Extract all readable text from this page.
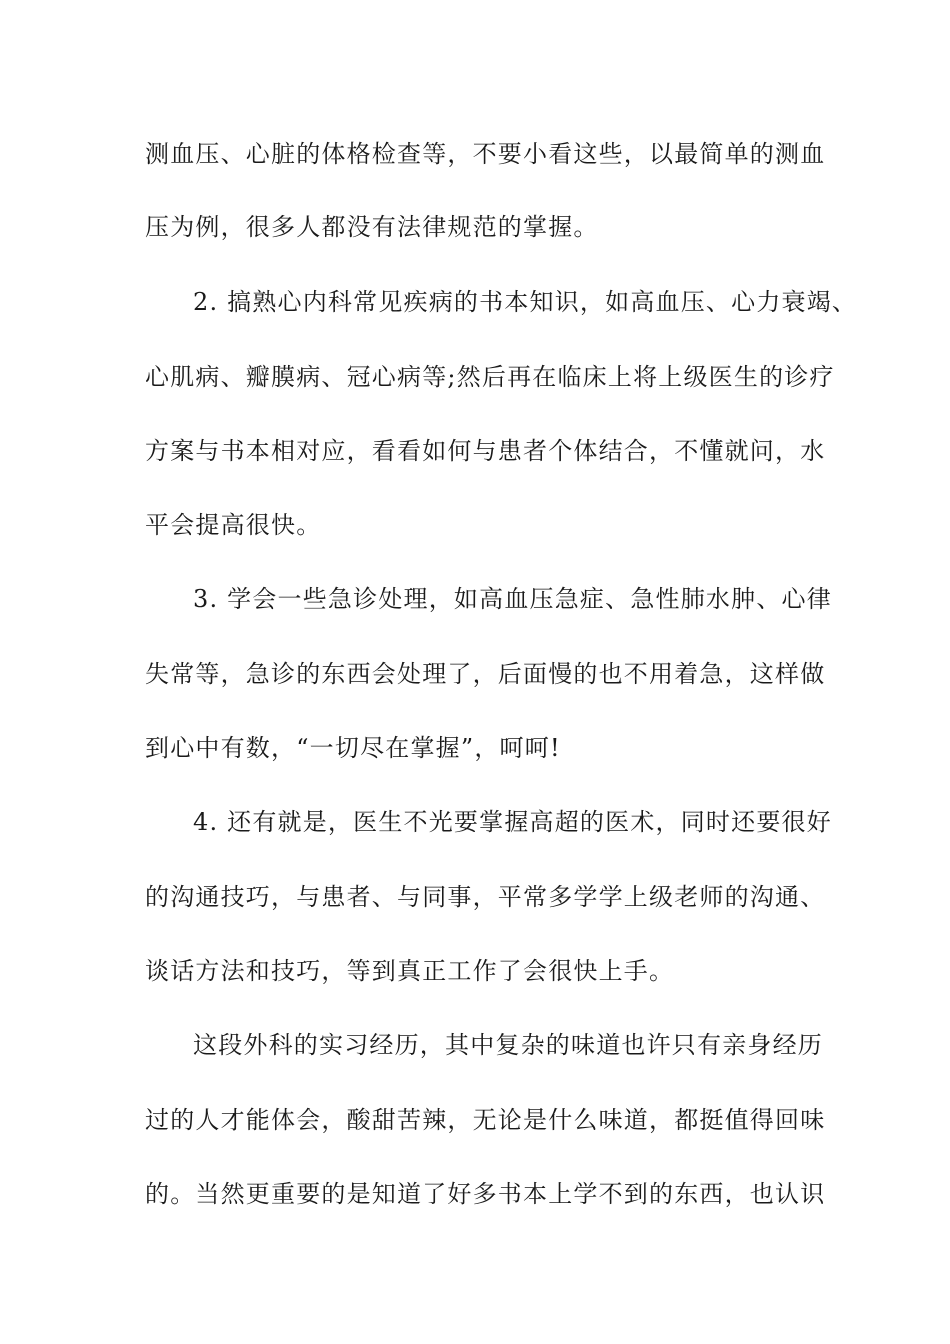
测血压、心脏的体格检查等，不要小看这些，以最简单的测血
压为例，很多人都没有法律规范的掌握。
2. 搞熟心内科常见疾病的书本知识，如高血压、心力衰竭、
心肌病、瓣膜病、冠心病等;然后再在临床上将上级医生的诊疗
方案与书本相对应，看看如何与患者个体结合，不懂就问，水
平会提高很快。
3. 学会一些急诊处理，如高血压急症、急性肺水肿、心律
失常等，急诊的东西会处理了，后面慢的也不用着急，这样做
到心中有数，“一切尽在掌握”，呵呵!
4. 还有就是，医生不光要掌握高超的医术，同时还要很好
的沟通技巧，与患者、与同事，平常多学学上级老师的沟通、
谈话方法和技巧，等到真正工作了会很快上手。
这段外科的实习经历，其中复杂的味道也许只有亲身经历
过的人才能体会，酸甜苦辣，无论是什么味道，都挺值得回味
的。当然更重要的是知道了好多书本上学不到的东西，也认识
